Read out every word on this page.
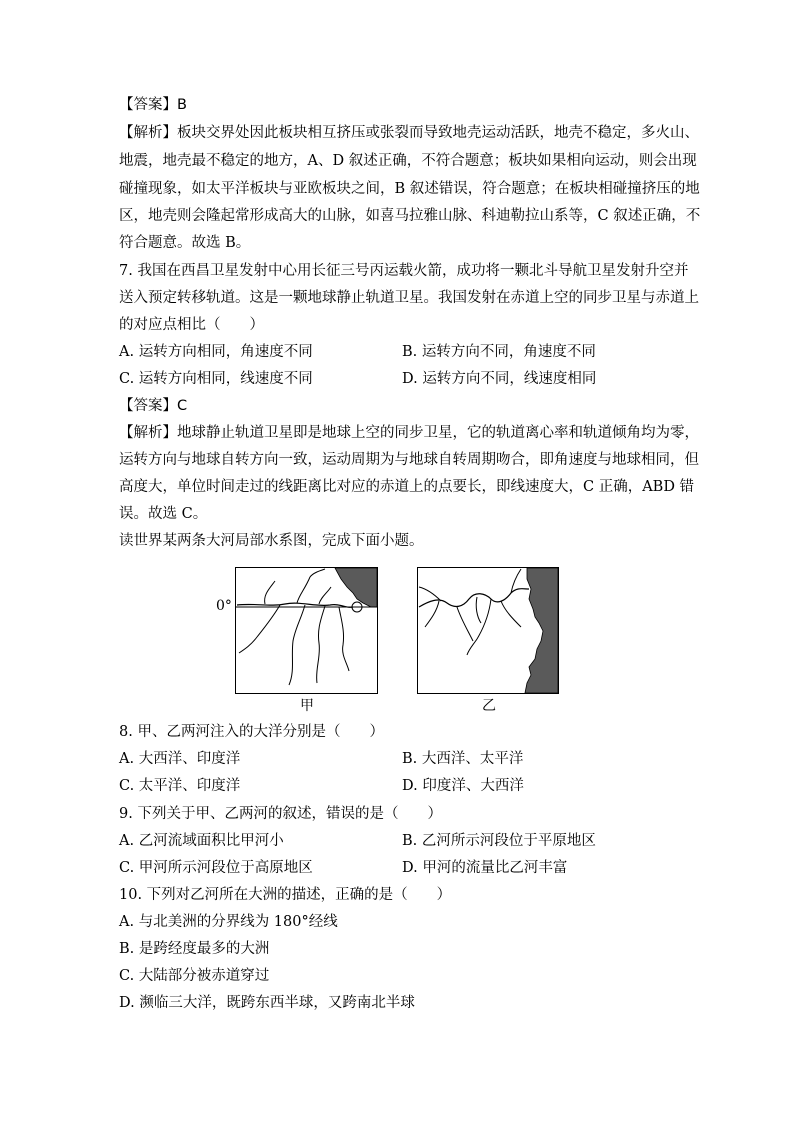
【答案】B
【解析】板块交界处因此板块相互挤压或张裂而导致地壳运动活跃，地壳不稳定，多火山、
地震，地壳最不稳定的地方，A、D 叙述正确，不符合题意；板块如果相向运动，则会出现
碰撞现象，如太平洋板块与亚欧板块之间，B 叙述错误，符合题意；在板块相碰撞挤压的地
区，地壳则会隆起常形成高大的山脉，如喜马拉雅山脉、科迪勒拉山系等，C 叙述正确，不
符合题意。故选 B。
7. 我国在西昌卫星发射中心用长征三号丙运载火箭，成功将一颗北斗导航卫星发射升空并
送入预定转移轨道。这是一颗地球静止轨道卫星。我国发射在赤道上空的同步卫星与赤道上
的对应点相比（　　）
A. 运转方向相同，角速度不同	B. 运转方向不同，角速度不同
C. 运转方向相同，线速度不同	D. 运转方向不同，线速度相同
【答案】C
【解析】地球静止轨道卫星即是地球上空的同步卫星，它的轨道离心率和轨道倾角均为零，
运转方向与地球自转方向一致，运动周期为与地球自转周期吻合，即角速度与地球相同，但
高度大，单位时间走过的线距离比对应的赤道上的点要长，即线速度大，C 正确，ABD 错
误。故选 C。
读世界某两条大河局部水系图，完成下面小题。
0°
甲	乙
8. 甲、乙两河注入的大洋分别是（　　）
A. 大西洋、印度洋	B. 大西洋、太平洋
C. 太平洋、印度洋	D. 印度洋、大西洋
9. 下列关于甲、乙两河的叙述，错误的是（　　）
A. 乙河流域面积比甲河小	B. 乙河所示河段位于平原地区
C. 甲河所示河段位于高原地区	D. 甲河的流量比乙河丰富
10. 下列对乙河所在大洲的描述，正确的是（　　）
A. 与北美洲的分界线为 180°经线
B. 是跨经度最多的大洲
C. 大陆部分被赤道穿过
D. 濒临三大洋，既跨东西半球，又跨南北半球
